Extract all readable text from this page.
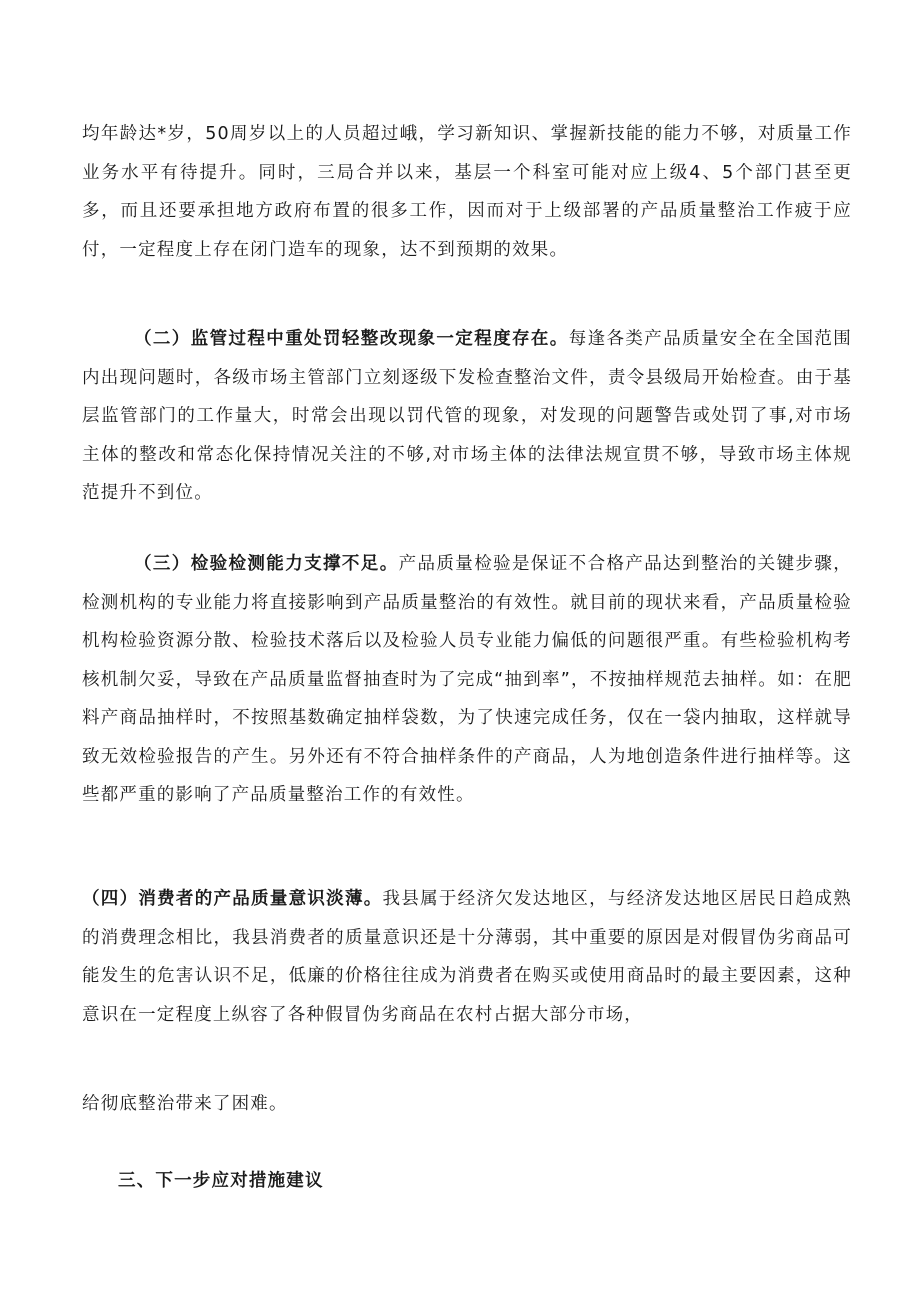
均年龄达*岁，50周岁以上的人员超过峨，学习新知识、掌握新技能的能力不够，对质量工作业务水平有待提升。同时，三局合并以来，基层一个科室可能对应上级4、5个部门甚至更多，而且还要承担地方政府布置的很多工作，因而对于上级部署的产品质量整治工作疲于应付，一定程度上存在闭门造车的现象，达不到预期的效果。

（二）监管过程中重处罚轻整改现象一定程度存在。每逢各类产品质量安全在全国范围内出现问题时，各级市场主管部门立刻逐级下发检查整治文件，责令县级局开始检查。由于基层监管部门的工作量大，时常会出现以罚代管的现象，对发现的问题警告或处罚了事,对市场主体的整改和常态化保持情况关注的不够,对市场主体的法律法规宣贯不够，导致市场主体规范提升不到位。

（三）检验检测能力支撑不足。产品质量检验是保证不合格产品达到整治的关键步骤，检测机构的专业能力将直接影响到产品质量整治的有效性。就目前的现状来看，产品质量检验机构检验资源分散、检验技术落后以及检验人员专业能力偏低的问题很严重。有些检验机构考核机制欠妥，导致在产品质量监督抽查时为了完成“抽到率”，不按抽样规范去抽样。如：在肥料产商品抽样时，不按照基数确定抽样袋数，为了快速完成任务，仅在一袋内抽取，这样就导致无效检验报告的产生。另外还有不符合抽样条件的产商品，人为地创造条件进行抽样等。这些都严重的影响了产品质量整治工作的有效性。

（四）消费者的产品质量意识淡薄。我县属于经济欠发达地区，与经济发达地区居民日趋成熟的消费理念相比，我县消费者的质量意识还是十分薄弱，其中重要的原因是对假冒伪劣商品可能发生的危害认识不足，低廉的价格往往成为消费者在购买或使用商品时的最主要因素，这种意识在一定程度上纵容了各种假冒伪劣商品在农村占据大部分市场，

给彻底整治带来了困难。

三、下一步应对措施建议
